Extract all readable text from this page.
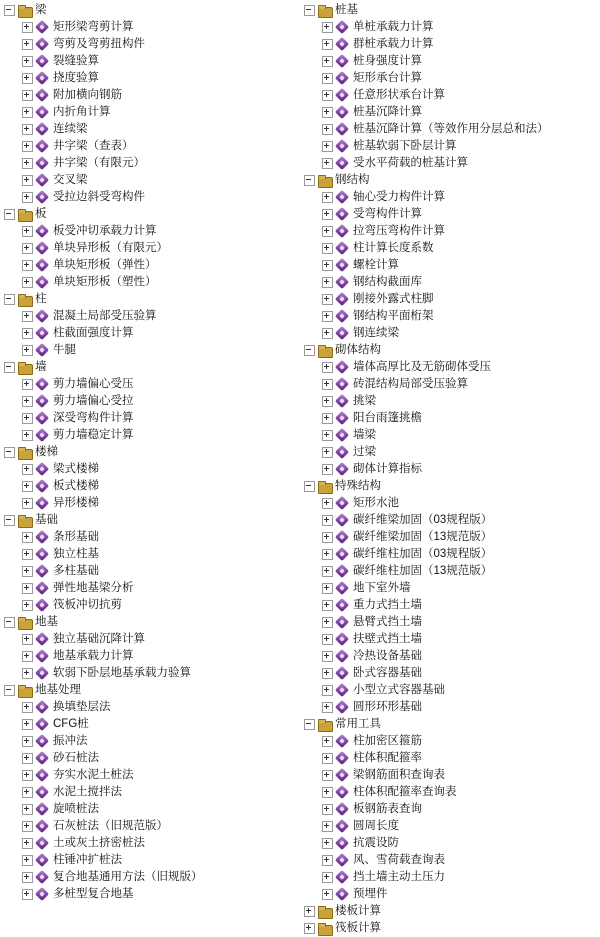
梁
矩形梁弯剪计算
弯剪及弯剪扭构件
裂缝验算
挠度验算
附加横向钢筋
内折角计算
连续梁
井字梁（查表）
井字梁（有限元）
交叉梁
受拉边斜受弯构件
板
板受冲切承载力计算
单块异形板（有限元）
单块矩形板（弹性）
单块矩形板（塑性）
柱
混凝土局部受压验算
柱截面强度计算
牛腿
墙
剪力墙偏心受压
剪力墙偏心受拉
深受弯构件计算
剪力墙稳定计算
楼梯
梁式楼梯
板式楼梯
异形楼梯
基础
条形基础
独立柱基
多柱基础
弹性地基梁分析
筏板冲切抗剪
地基
独立基础沉降计算
地基承载力计算
软弱下卧层地基承载力验算
地基处理
换填垫层法
CFG桩
振冲法
砂石桩法
夯实水泥土桩法
水泥土搅拌法
旋喷桩法
石灰桩法（旧规范版）
土或灰土挤密桩法
柱锤冲扩桩法
复合地基通用方法（旧规版）
多桩型复合地基
桩基
单桩承载力计算
群桩承载力计算
桩身强度计算
矩形承台计算
任意形状承台计算
桩基沉降计算
桩基沉降计算（等效作用分层总和法）
桩基软弱下卧层计算
受水平荷载的桩基计算
钢结构
轴心受力构件计算
受弯构件计算
拉弯压弯构件计算
柱计算长度系数
螺栓计算
钢结构截面库
刚接外露式柱脚
钢结构平面桁架
钢连续梁
砌体结构
墙体高厚比及无筋砌体受压
砖混结构局部受压验算
挑梁
阳台雨篷挑檐
墙梁
过梁
砌体计算指标
特殊结构
矩形水池
碳纤维梁加固（03规程版）
碳纤维梁加固（13规范版）
碳纤维柱加固（03规程版）
碳纤维柱加固（13规范版）
地下室外墙
重力式挡土墙
悬臂式挡土墙
扶壁式挡土墙
冷热设备基础
卧式容器基础
小型立式容器基础
圆形环形基础
常用工具
柱加密区箍筋
柱体积配箍率
梁钢筋面积查询表
柱体积配箍率查询表
板钢筋表查询
圆周长度
抗震设防
风、雪荷载查询表
挡土墙主动土压力
预埋件
楼板计算
筏板计算
